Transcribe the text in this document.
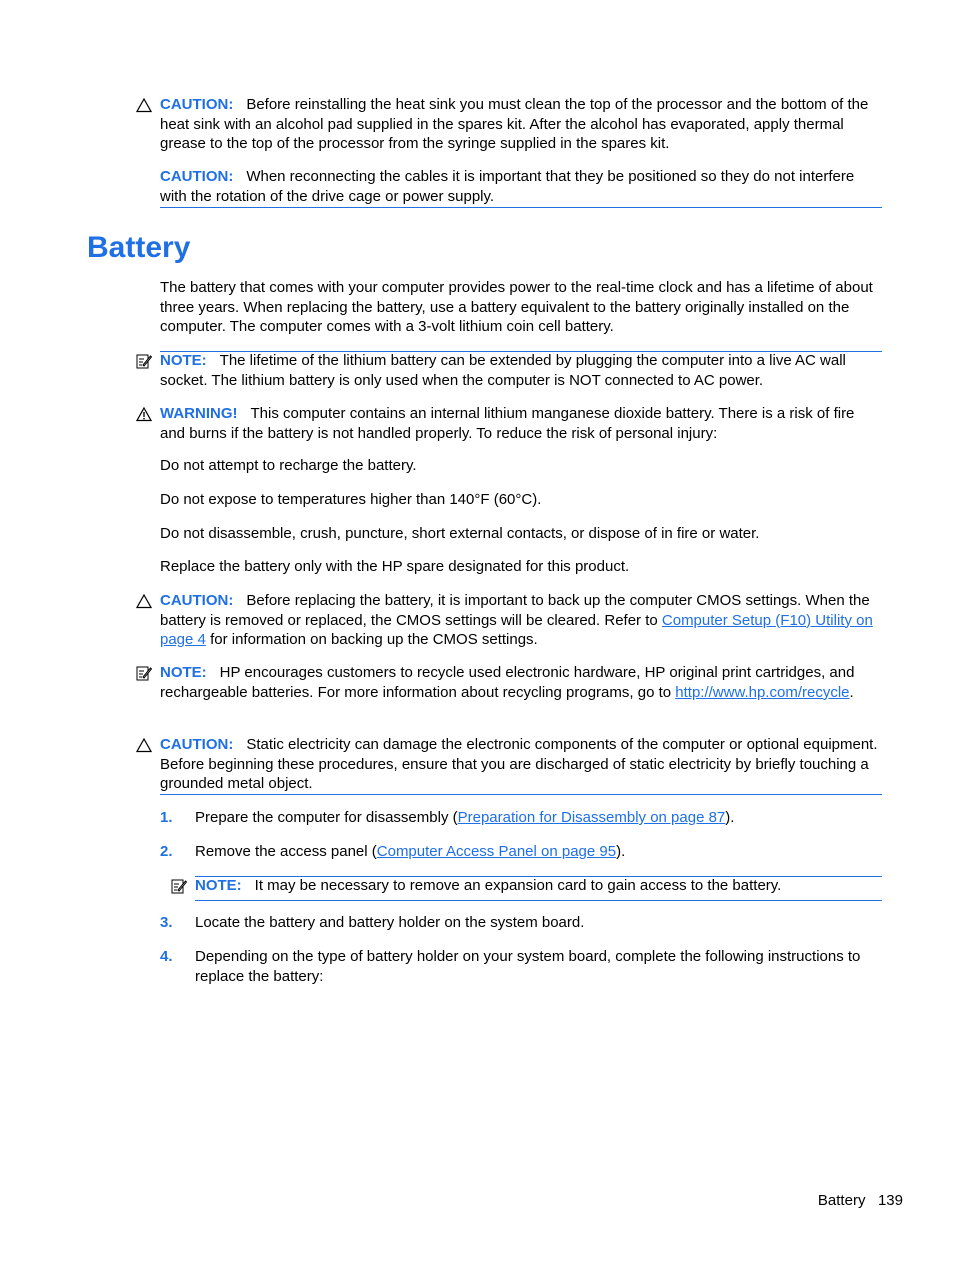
CAUTION: Before reinstalling the heat sink you must clean the top of the processor and the bottom of the heat sink with an alcohol pad supplied in the spares kit. After the alcohol has evaporated, apply thermal grease to the top of the processor from the syringe supplied in the spares kit.
CAUTION: When reconnecting the cables it is important that they be positioned so they do not interfere with the rotation of the drive cage or power supply.
Battery
The battery that comes with your computer provides power to the real-time clock and has a lifetime of about three years. When replacing the battery, use a battery equivalent to the battery originally installed on the computer. The computer comes with a 3-volt lithium coin cell battery.
NOTE: The lifetime of the lithium battery can be extended by plugging the computer into a live AC wall socket. The lithium battery is only used when the computer is NOT connected to AC power.
WARNING! This computer contains an internal lithium manganese dioxide battery. There is a risk of fire and burns if the battery is not handled properly. To reduce the risk of personal injury:
Do not attempt to recharge the battery.
Do not expose to temperatures higher than 140°F (60°C).
Do not disassemble, crush, puncture, short external contacts, or dispose of in fire or water.
Replace the battery only with the HP spare designated for this product.
CAUTION: Before replacing the battery, it is important to back up the computer CMOS settings. When the battery is removed or replaced, the CMOS settings will be cleared. Refer to Computer Setup (F10) Utility on page 4 for information on backing up the CMOS settings.
NOTE: HP encourages customers to recycle used electronic hardware, HP original print cartridges, and rechargeable batteries. For more information about recycling programs, go to http://www.hp.com/recycle.
CAUTION: Static electricity can damage the electronic components of the computer or optional equipment. Before beginning these procedures, ensure that you are discharged of static electricity by briefly touching a grounded metal object.
1. Prepare the computer for disassembly (Preparation for Disassembly on page 87).
2. Remove the access panel (Computer Access Panel on page 95).
NOTE: It may be necessary to remove an expansion card to gain access to the battery.
3. Locate the battery and battery holder on the system board.
4. Depending on the type of battery holder on your system board, complete the following instructions to replace the battery:
Battery 139
